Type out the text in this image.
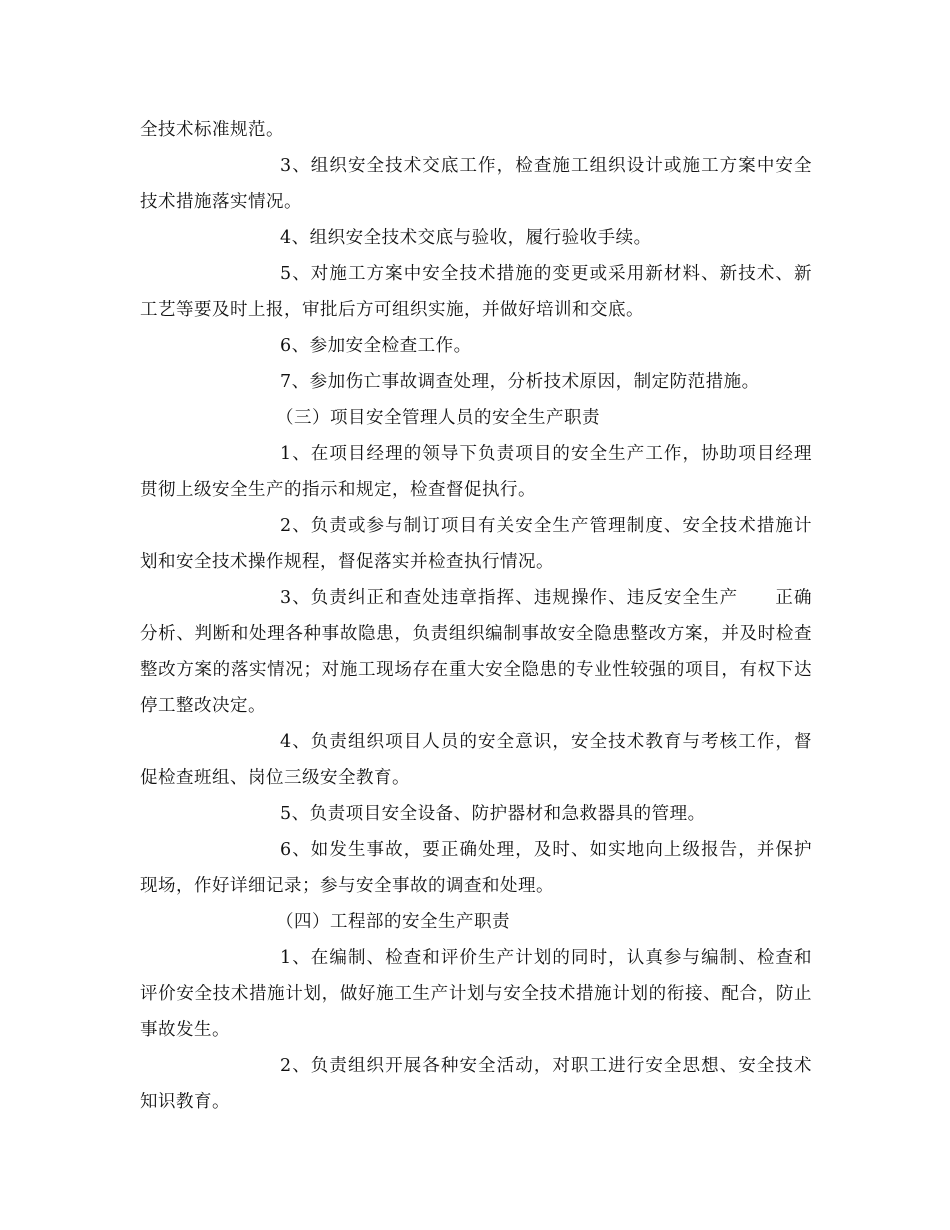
全技术标准规范。

3、组织安全技术交底工作，检查施工组织设计或施工方案中安全技术措施落实情况。

4、组织安全技术交底与验收，履行验收手续。

5、对施工方案中安全技术措施的变更或采用新材料、新技术、新工艺等要及时上报，审批后方可组织实施，并做好培训和交底。

6、参加安全检查工作。

7、参加伤亡事故调查处理，分析技术原因，制定防范措施。

（三）项目安全管理人员的安全生产职责

1、在项目经理的领导下负责项目的安全生产工作，协助项目经理贯彻上级安全生产的指示和规定，检查督促执行。

2、负责或参与制订项目有关安全生产管理制度、安全技术措施计划和安全技术操作规程，督促落实并检查执行情况。

3、负责纠正和查处违章指挥、违规操作、违反安全生产　　正确分析、判断和处理各种事故隐患，负责组织编制事故安全隐患整改方案，并及时检查整改方案的落实情况；对施工现场存在重大安全隐患的专业性较强的项目，有权下达停工整改决定。

4、负责组织项目人员的安全意识，安全技术教育与考核工作，督促检查班组、岗位三级安全教育。

5、负责项目安全设备、防护器材和急救器具的管理。

6、如发生事故，要正确处理，及时、如实地向上级报告，并保护现场，作好详细记录；参与安全事故的调查和处理。

（四）工程部的安全生产职责

1、在编制、检查和评价生产计划的同时，认真参与编制、检查和评价安全技术措施计划，做好施工生产计划与安全技术措施计划的衔接、配合，防止事故发生。

2、负责组织开展各种安全活动，对职工进行安全思想、安全技术知识教育。
